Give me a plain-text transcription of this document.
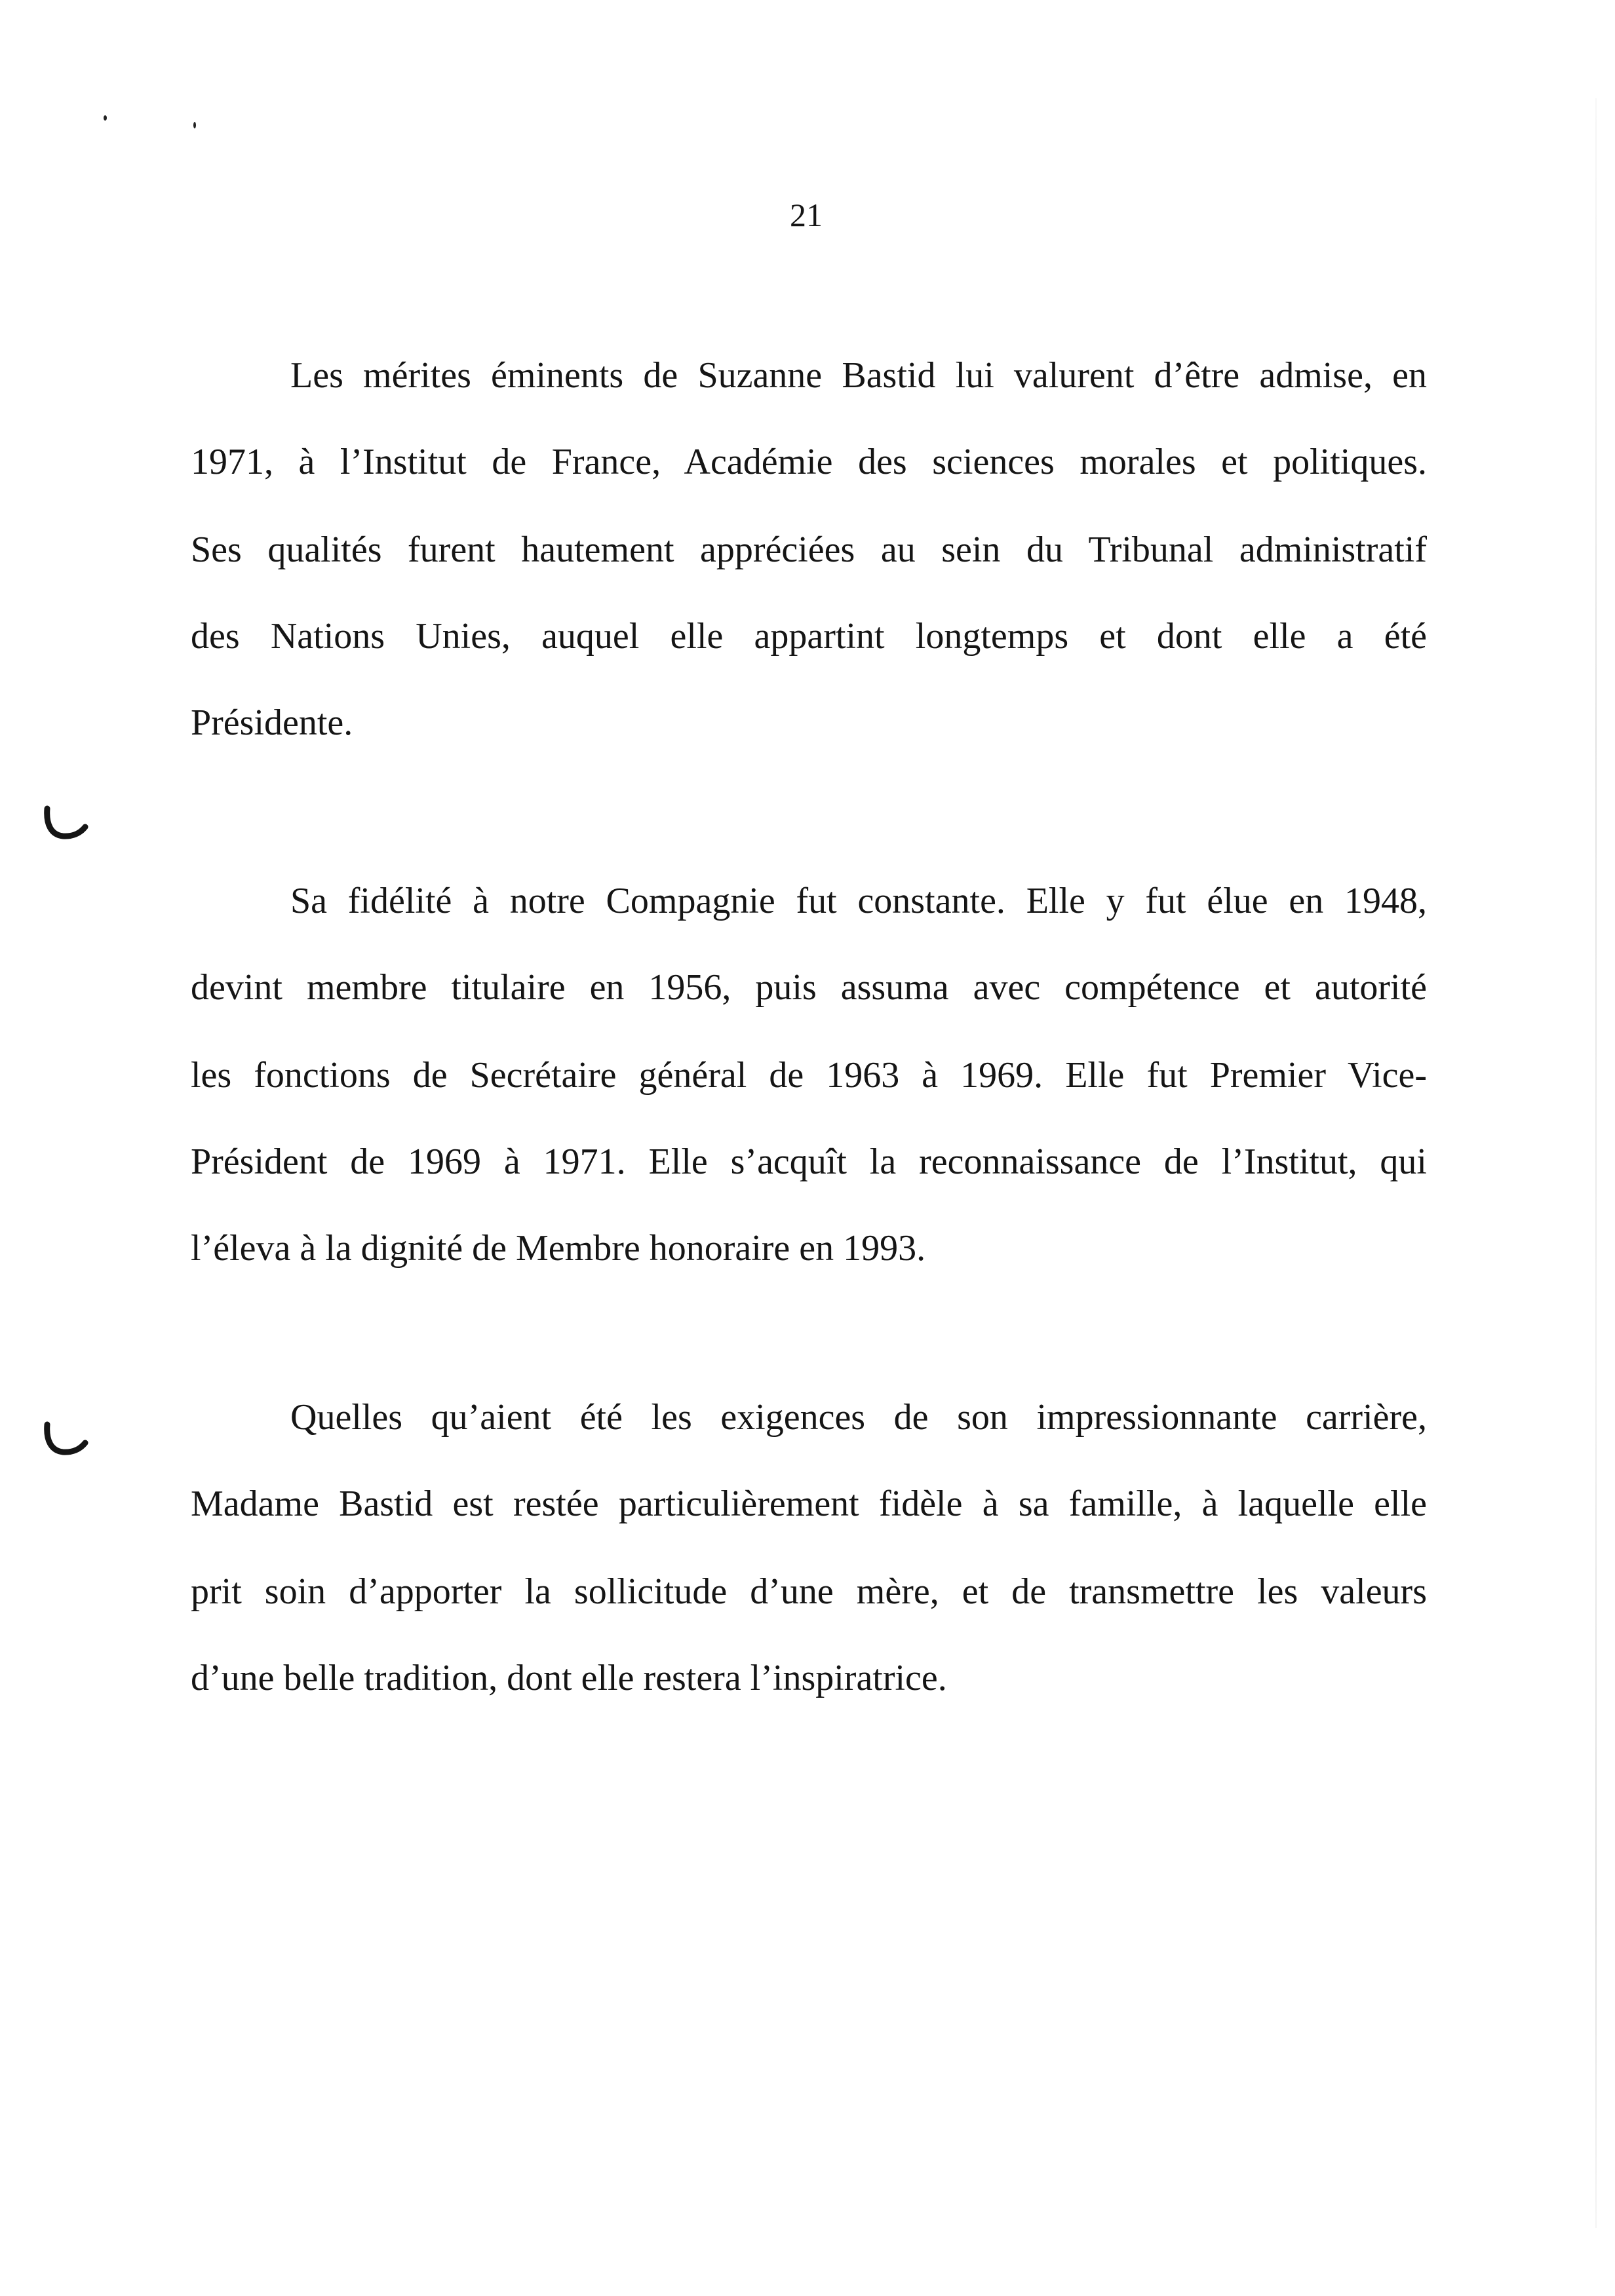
21
Les mérites éminents de Suzanne Bastid lui valurent d’être admise, en
1971, à l’Institut de France, Académie des sciences morales et politiques.
Ses qualités furent hautement appréciées au sein du Tribunal administratif
des Nations Unies, auquel elle appartint longtemps et dont elle a été
Présidente.
Sa fidélité à notre Compagnie fut constante. Elle y fut élue en 1948,
devint membre titulaire en 1956, puis assuma avec compétence et autorité
les fonctions de Secrétaire général de 1963 à 1969. Elle fut Premier Vice-
Président de 1969 à 1971. Elle s’acquît la reconnaissance de l’Institut, qui
l’éleva à la dignité de Membre honoraire en 1993.
Quelles qu’aient été les exigences de son impressionnante carrière,
Madame Bastid est restée particulièrement fidèle à sa famille, à laquelle elle
prit soin d’apporter la sollicitude d’une mère, et de transmettre les valeurs
d’une belle tradition, dont elle restera l’inspiratrice.
